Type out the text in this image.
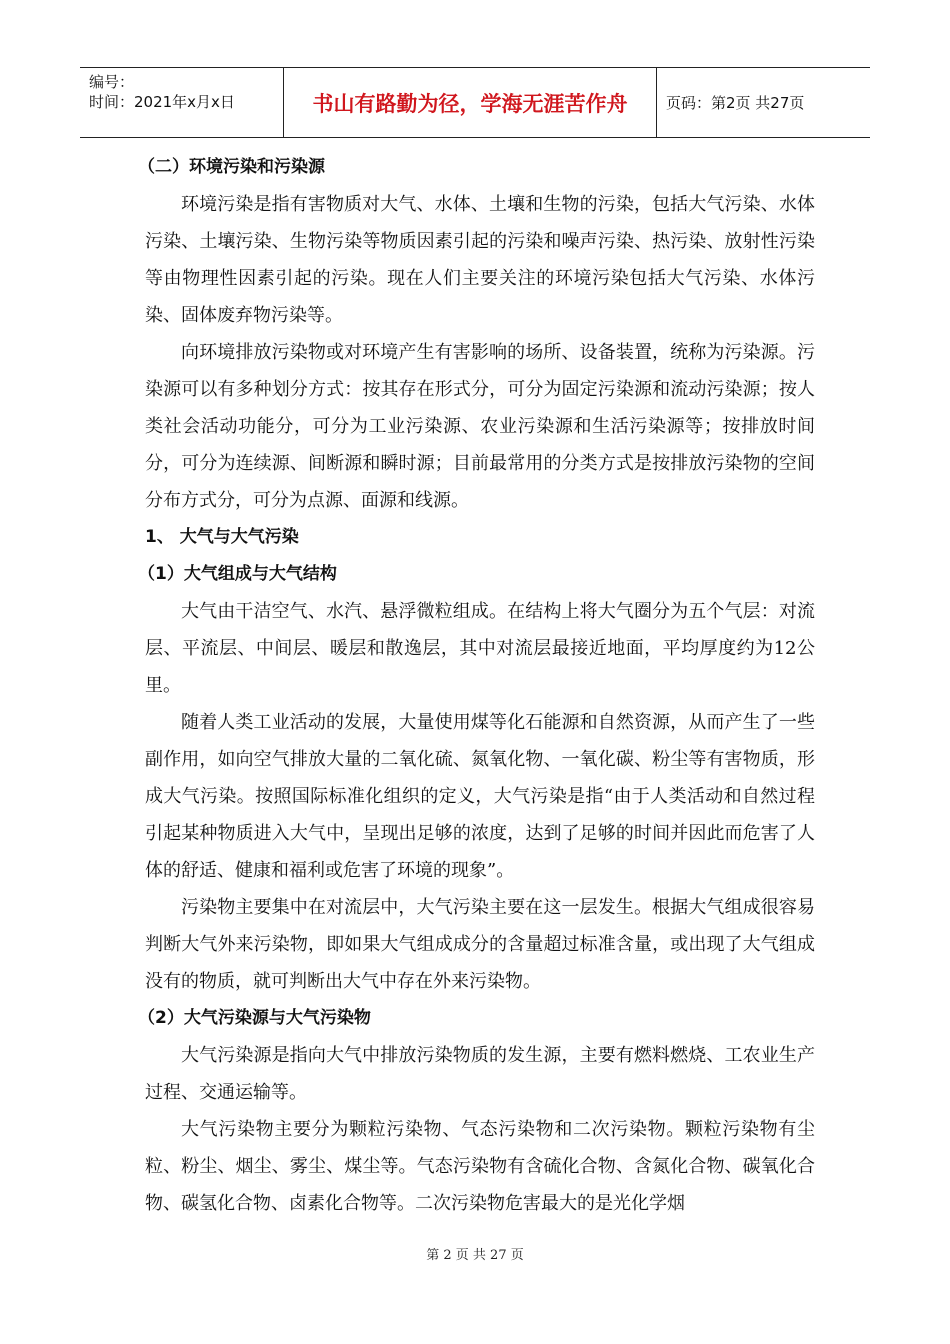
编号：
时间：2021年x月x日	书山有路勤为径，学海无涯苦作舟	页码：第2页 共27页
（二）环境污染和污染源

环境污染是指有害物质对大气、水体、土壤和生物的污染，包括大气污染、水体污染、土壤污染、生物污染等物质因素引起的污染和噪声污染、热污染、放射性污染等由物理性因素引起的污染。现在人们主要关注的环境污染包括大气污染、水体污染、固体废弃物污染等。

向环境排放污染物或对环境产生有害影响的场所、设备装置，统称为污染源。污染源可以有多种划分方式：按其存在形式分，可分为固定污染源和流动污染源；按人类社会活动功能分，可分为工业污染源、农业污染源和生活污染源等；按排放时间分，可分为连续源、间断源和瞬时源；目前最常用的分类方式是按排放污染物的空间分布方式分，可分为点源、面源和线源。

1、 大气与大气污染
（1）大气组成与大气结构

大气由干洁空气、水汽、悬浮微粒组成。在结构上将大气圈分为五个气层：对流层、平流层、中间层、暖层和散逸层，其中对流层最接近地面，平均厚度约为12公里。

随着人类工业活动的发展，大量使用煤等化石能源和自然资源，从而产生了一些副作用，如向空气排放大量的二氧化硫、氮氧化物、一氧化碳、粉尘等有害物质，形成大气污染。按照国际标准化组织的定义，大气污染是指“由于人类活动和自然过程引起某种物质进入大气中，呈现出足够的浓度，达到了足够的时间并因此而危害了人体的舒适、健康和福利或危害了环境的现象”。

污染物主要集中在对流层中，大气污染主要在这一层发生。根据大气组成很容易判断大气外来污染物，即如果大气组成成分的含量超过标准含量，或出现了大气组成没有的物质，就可判断出大气中存在外来污染物。

（2）大气污染源与大气污染物

大气污染源是指向大气中排放污染物质的发生源，主要有燃料燃烧、工农业生产过程、交通运输等。

大气污染物主要分为颗粒污染物、气态污染物和二次污染物。颗粒污染物有尘粒、粉尘、烟尘、雾尘、煤尘等。气态污染物有含硫化合物、含氮化合物、碳氧化合物、碳氢化合物、卤素化合物等。二次污染物危害最大的是光化学烟

第 2 页 共 27 页
